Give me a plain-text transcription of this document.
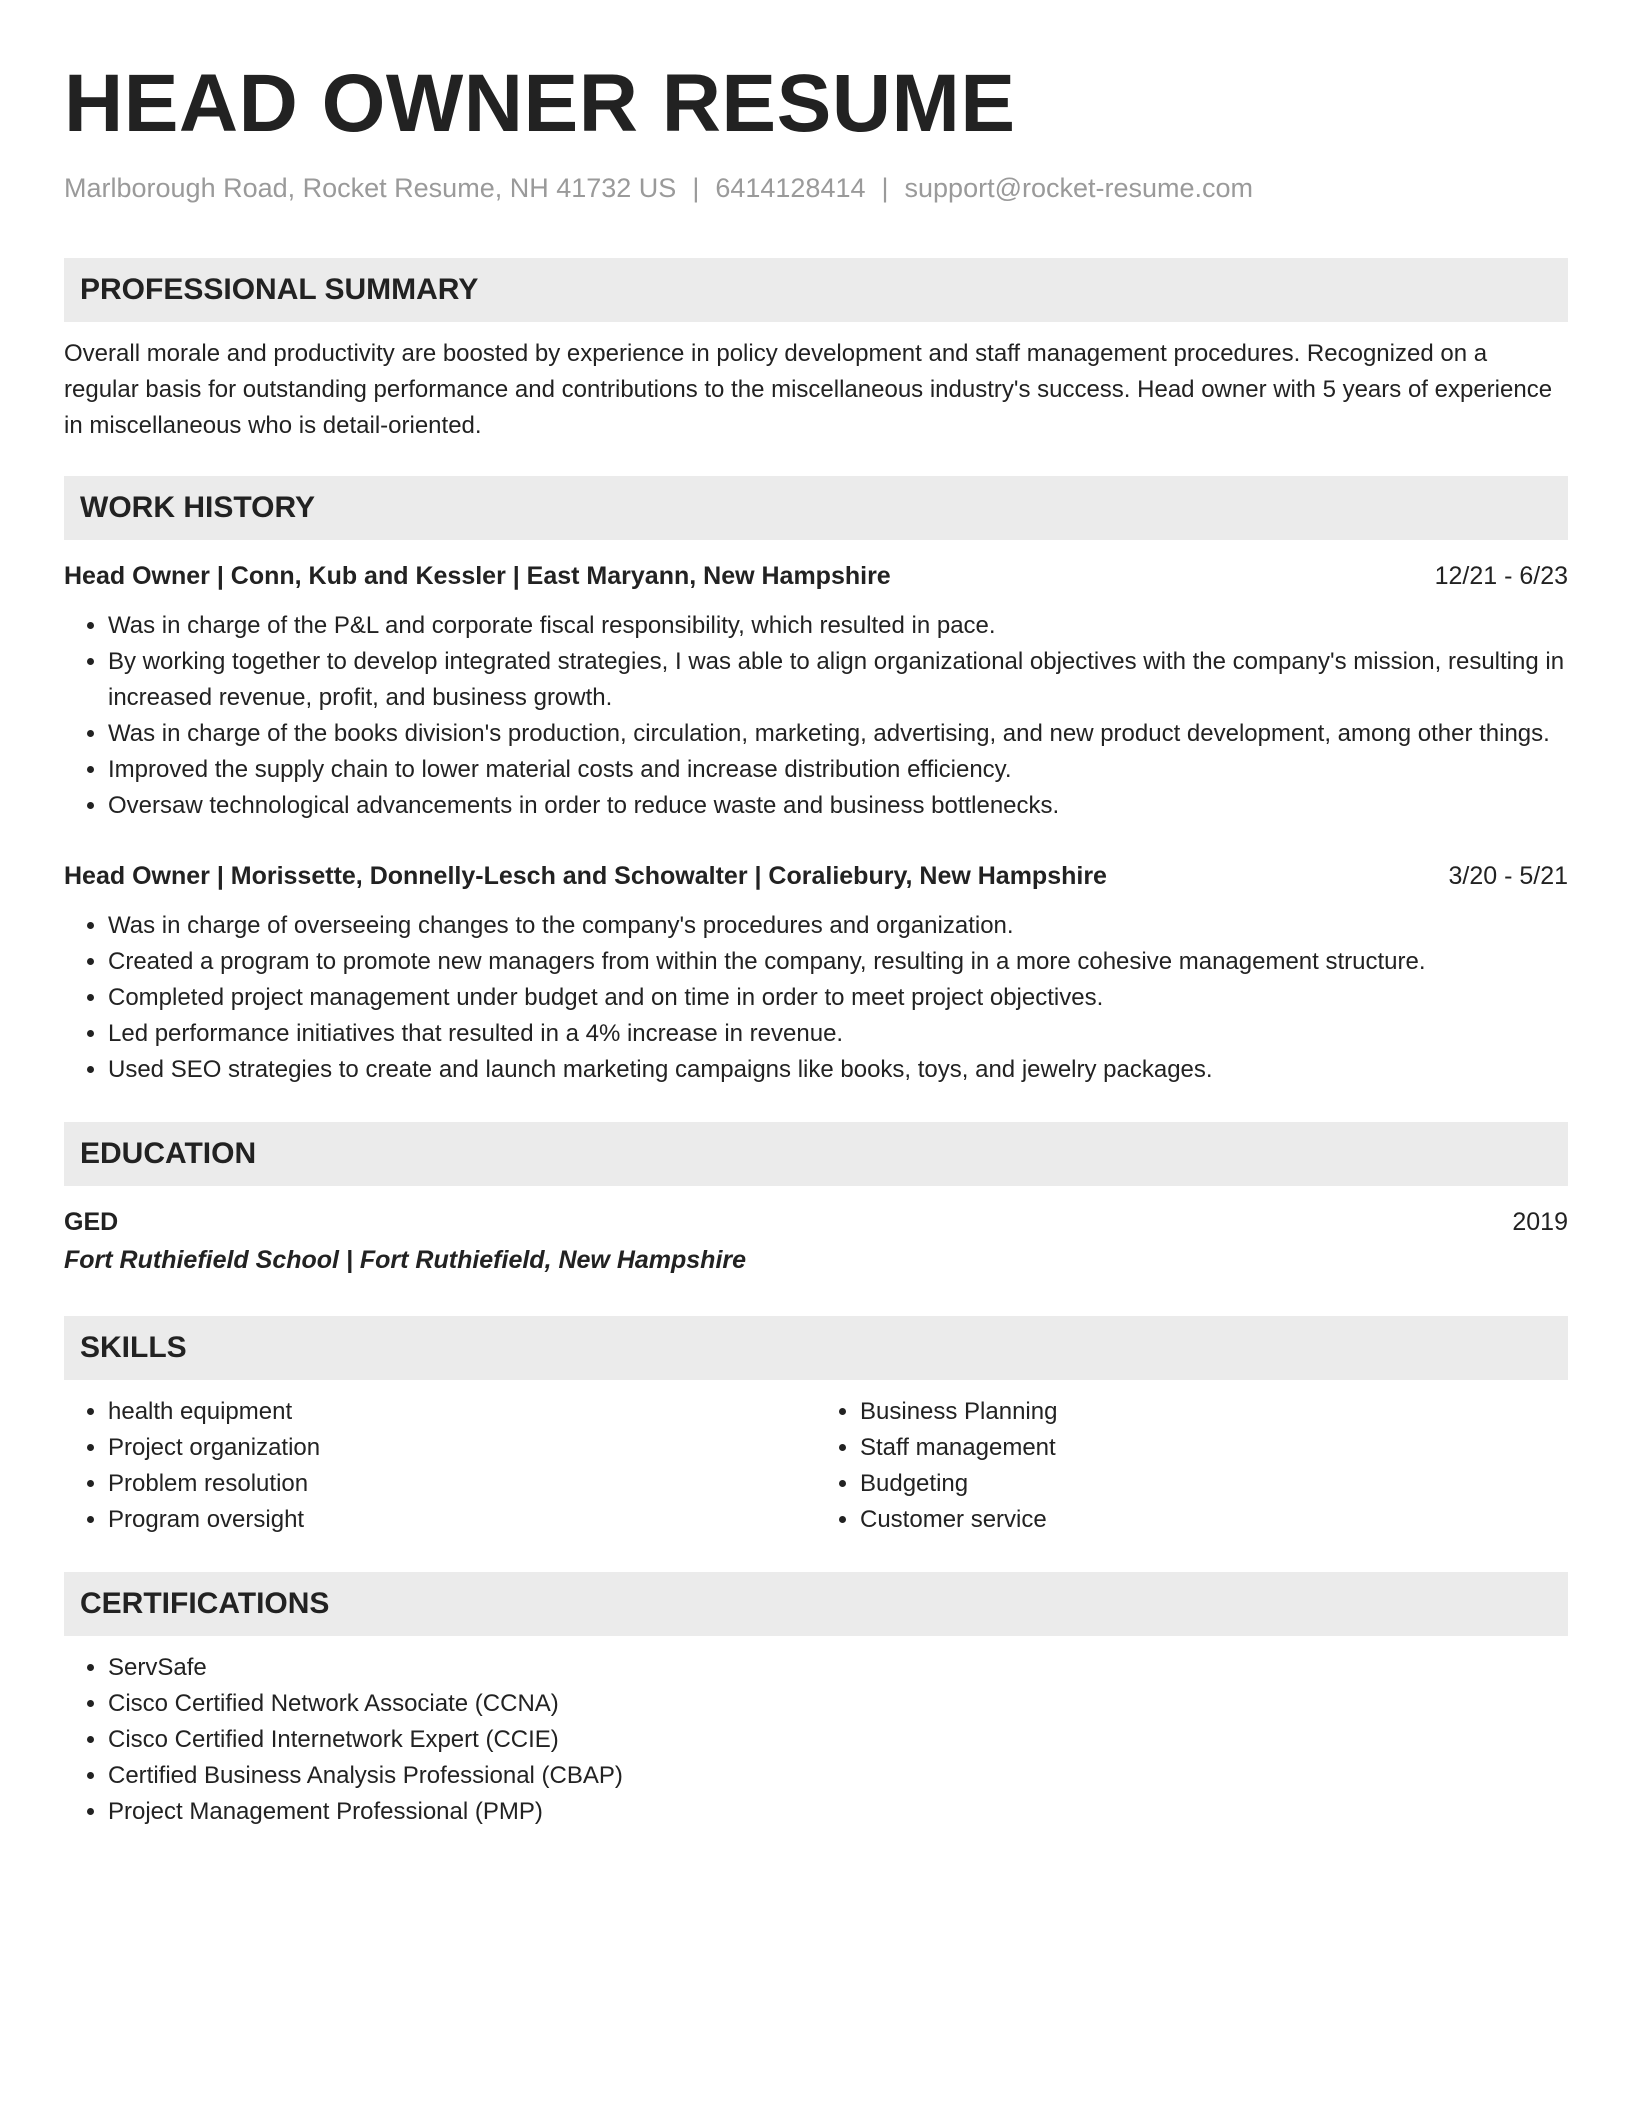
HEAD OWNER RESUME
Marlborough Road, Rocket Resume, NH 41732 US | 6414128414 | support@rocket-resume.com
PROFESSIONAL SUMMARY
Overall morale and productivity are boosted by experience in policy development and staff management procedures. Recognized on a regular basis for outstanding performance and contributions to the miscellaneous industry's success. Head owner with 5 years of experience in miscellaneous who is detail-oriented.
WORK HISTORY
Head Owner | Conn, Kub and Kessler | East Maryann, New Hampshire	12/21 - 6/23
• Was in charge of the P&L and corporate fiscal responsibility, which resulted in pace.
• By working together to develop integrated strategies, I was able to align organizational objectives with the company's mission, resulting in increased revenue, profit, and business growth.
• Was in charge of the books division's production, circulation, marketing, advertising, and new product development, among other things.
• Improved the supply chain to lower material costs and increase distribution efficiency.
• Oversaw technological advancements in order to reduce waste and business bottlenecks.
Head Owner | Morissette, Donnelly-Lesch and Schowalter | Coraliebury, New Hampshire	3/20 - 5/21
• Was in charge of overseeing changes to the company's procedures and organization.
• Created a program to promote new managers from within the company, resulting in a more cohesive management structure.
• Completed project management under budget and on time in order to meet project objectives.
• Led performance initiatives that resulted in a 4% increase in revenue.
• Used SEO strategies to create and launch marketing campaigns like books, toys, and jewelry packages.
EDUCATION
GED	2019
Fort Ruthiefield School | Fort Ruthiefield, New Hampshire
SKILLS
• health equipment
• Project organization
• Problem resolution
• Program oversight
• Business Planning
• Staff management
• Budgeting
• Customer service
CERTIFICATIONS
• ServSafe
• Cisco Certified Network Associate (CCNA)
• Cisco Certified Internetwork Expert (CCIE)
• Certified Business Analysis Professional (CBAP)
• Project Management Professional (PMP)
